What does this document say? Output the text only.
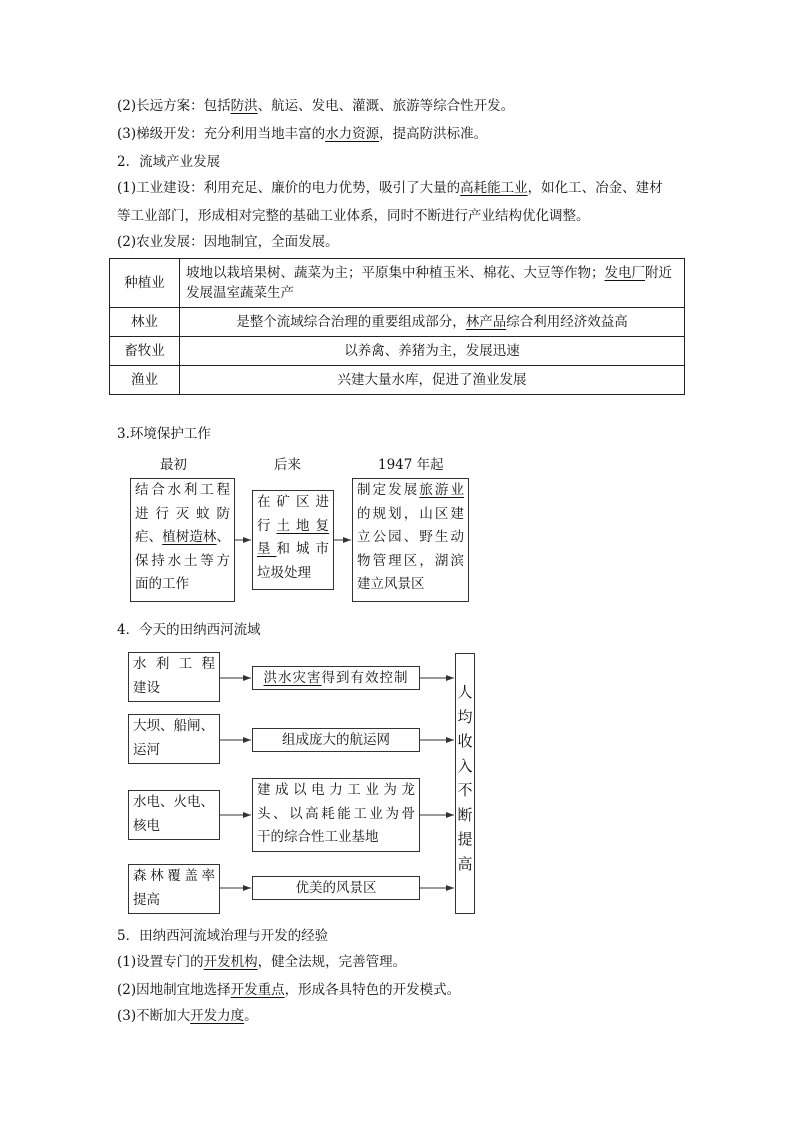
(2)长远方案：包括防洪、航运、发电、灌溉、旅游等综合性开发。
(3)梯级开发：充分利用当地丰富的水力资源，提高防洪标准。
2．流域产业发展
(1)工业建设：利用充足、廉价的电力优势，吸引了大量的高耗能工业，如化工、冶金、建材
等工业部门，形成相对完整的基础工业体系，同时不断进行产业结构优化调整。
(2)农业发展：因地制宜，全面发展。
种植业	坡地以栽培果树、蔬菜为主；平原集中种植玉米、棉花、大豆等作物；发电厂附近发展温室蔬菜生产
林业	是整个流域综合治理的重要组成部分，林产品综合利用经济效益高
畜牧业	以养禽、养猪为主，发展迅速
渔业	兴建大量水库，促进了渔业发展
3.环境保护工作
最初	后来	1947 年起
结合水利工程
进行灭蚊防
疟、植树造林、
保持水土等方
面的工作
在矿区进
行土地复
垦和城市
垃圾处理
制定发展旅游业
的规划，山区建
立公园、野生动
物管理区，湖滨
建立风景区
4．今天的田纳西河流域
水利工程
建设
大坝、船闸、
运河
水电、火电、
核电
森林覆盖率
提高
洪水灾害得到有效控制
组成庞大的航运网
建成以电力工业为龙
头、以高耗能工业为骨
干的综合性工业基地
优美的风景区
人
均
收
入
不
断
提
高
5．田纳西河流域治理与开发的经验
(1)设置专门的开发机构，健全法规，完善管理。
(2)因地制宜地选择开发重点，形成各具特色的开发模式。
(3)不断加大开发力度。
